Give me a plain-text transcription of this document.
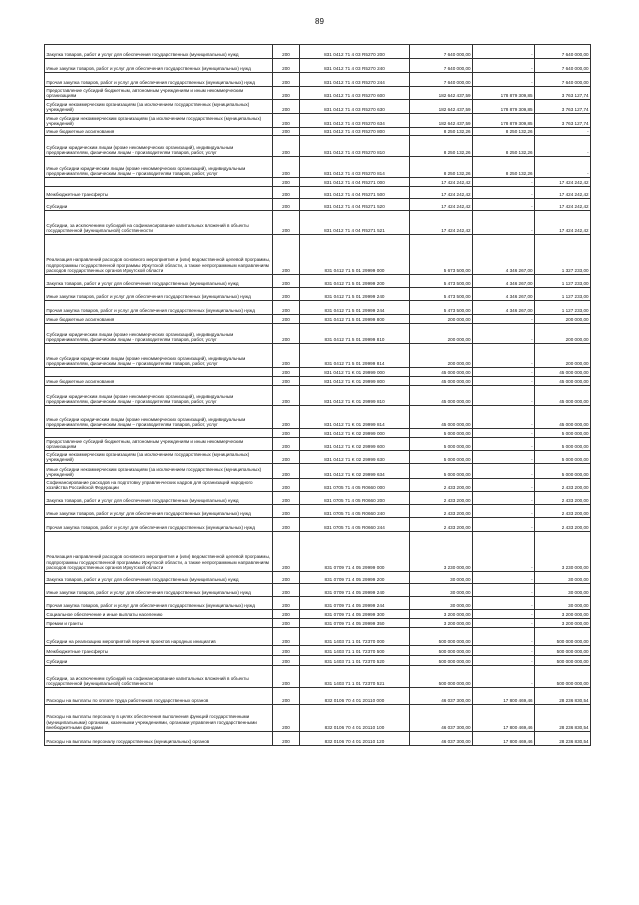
89
Закупка товаров, работ и услуг для обеспечения государственных (муниципальных) нужд	200	831 0412 71 4 03 R5270 200	7 640 000,00	-	7 640 000,00
Иные закупки товаров, работ и услуг для обеспечения государственных (муниципальных) нужд	200	831 0412 71 4 03 R5270 240	7 640 000,00	-	7 640 000,00
Прочая закупка товаров, работ и услуг для обеспечения государственных (муниципальных) нужд	200	831 0412 71 4 03 R5270 244	7 640 000,00	-	7 640 000,00
Предоставление субсидий бюджетным, автономным учреждениям и иным некоммерческим организациям	200	831 0412 71 4 03 R5270 600	182 642 437,59	178 879 309,85	3 763 127,74
Субсидии некоммерческим организациям (за исключением государственных (муниципальных) учреждений)	200	831 0412 71 4 03 R5270 630	182 642 437,59	178 879 309,85	3 763 127,74
Иные субсидии некоммерческим организациям (за исключением государственных (муниципальных) учреждений)	200	831 0412 71 4 03 R5270 634	182 642 437,59	178 879 309,85	3 763 127,74
Иные бюджетные ассигнования	200	831 0412 71 4 03 R5270 800	8 250 132,26	8 250 132,26	-
Субсидии юридическим лицам (кроме некоммерческих организаций), индивидуальным предпринимателям, физическим лицам - производителям товаров, работ, услуг	200	831 0412 71 4 03 R5270 810	8 250 132,26	8 250 132,26	-
Иные субсидии юридическим лицам (кроме некоммерческих организаций), индивидуальным предпринимателям, физическим лицам – производителям товаров, работ, услуг	200	831 0412 71 4 03 R5270 814	8 250 132,26	8 250 132,26	-
	200	831 0412 71 4 04 R5271 000	17 424 242,42	-	17 424 242,42
Межбюджетные трансферты	200	831 0412 71 4 04 R5271 500	17 424 242,42	-	17 424 242,42
Субсидии	200	831 0412 71 4 04 R5271 520	17 424 242,42	-	17 424 242,42
Субсидии, за исключением субсидий на софинансирование капитальных вложений в объекты государственной (муниципальной) собственности	200	831 0412 71 4 04 R5271 521	17 424 242,42	-	17 424 242,42
Реализация направлений расходов основного мероприятия и (или) ведомственной целевой программы, подпрограммы государственной программы Иркутской области, а также непрограммным направлениям расходов государственных органов Иркутской области	200	831 0412 71 5 01 29999 000	5 673 500,00	4 346 267,00	1 327 233,00
Закупка товаров, работ и услуг для обеспечения государственных (муниципальных) нужд	200	831 0412 71 5 01 29999 200	5 473 500,00	4 346 267,00	1 127 233,00
Иные закупки товаров, работ и услуг для обеспечения государственных (муниципальных) нужд	200	831 0412 71 5 01 29999 240	5 473 500,00	4 346 267,00	1 127 233,00
Прочая закупка товаров, работ и услуг для обеспечения государственных (муниципальных) нужд	200	831 0412 71 5 01 29999 244	5 473 500,00	4 346 267,00	1 127 233,00
Иные бюджетные ассигнования	200	831 0412 71 5 01 29999 800	200 000,00	-	200 000,00
Субсидии юридическим лицам (кроме некоммерческих организаций), индивидуальным предпринимателям, физическим лицам - производителям товаров, работ, услуг	200	831 0412 71 5 01 29999 810	200 000,00	-	200 000,00
Иные субсидии юридическим лицам (кроме некоммерческих организаций), индивидуальным предпринимателям, физическим лицам – производителям товаров, работ, услуг	200	831 0412 71 5 01 29999 814	200 000,00	-	200 000,00
	200	831 0412 71 K 01 29999 000	45 000 000,00	-	45 000 000,00
Иные бюджетные ассигнования	200	831 0412 71 K 01 29999 800	45 000 000,00	-	45 000 000,00
Субсидии юридическим лицам (кроме некоммерческих организаций), индивидуальным предпринимателям, физическим лицам - производителям товаров, работ, услуг	200	831 0412 71 K 01 29999 810	45 000 000,00	-	45 000 000,00
Иные субсидии юридическим лицам (кроме некоммерческих организаций), индивидуальным предпринимателям, физическим лицам – производителям товаров, работ, услуг	200	831 0412 71 K 01 29999 814	45 000 000,00	-	45 000 000,00
	200	831 0412 71 K 02 29999 000	5 000 000,00	-	5 000 000,00
Предоставление субсидий бюджетным, автономным учреждениям и иным некоммерческим организациям	200	831 0412 71 K 02 29999 600	5 000 000,00	-	5 000 000,00
Субсидии некоммерческим организациям (за исключением государственных (муниципальных) учреждений)	200	831 0412 71 K 02 29999 630	5 000 000,00	-	5 000 000,00
Иные субсидии некоммерческим организациям (за исключением государственных (муниципальных) учреждений)	200	831 0412 71 K 02 29999 634	5 000 000,00	-	5 000 000,00
Софинансирование расходов на подготовку управленческих кадров для организаций народного хозяйства Российской Федерации	200	831 0705 71 4 05 R0660 000	2 433 200,00	-	2 433 200,00
Закупка товаров, работ и услуг для обеспечения государственных (муниципальных) нужд	200	831 0705 71 4 05 R0660 200	2 433 200,00	-	2 433 200,00
Иные закупки товаров, работ и услуг для обеспечения государственных (муниципальных) нужд	200	831 0705 71 4 05 R0660 240	2 433 200,00	-	2 433 200,00
Прочая закупка товаров, работ и услуг для обеспечения государственных (муниципальных) нужд	200	831 0705 71 4 05 R0660 244	2 433 200,00	-	2 433 200,00
Реализация направлений расходов основного мероприятия и (или) ведомственной целевой программы, подпрограммы государственной программы Иркутской области, а также непрограммным направлениям расходов государственных органов Иркутской области	200	831 0709 71 4 05 29999 000	3 230 000,00	-	3 230 000,00
Закупка товаров, работ и услуг для обеспечения государственных (муниципальных) нужд	200	831 0709 71 4 05 29999 200	30 000,00	-	30 000,00
Иные закупки товаров, работ и услуг для обеспечения государственных (муниципальных) нужд	200	831 0709 71 4 05 29999 240	30 000,00	-	30 000,00
Прочая закупка товаров, работ и услуг для обеспечения государственных (муниципальных) нужд	200	831 0709 71 4 05 29999 244	30 000,00	-	30 000,00
Социальное обеспечение и иные выплаты населению	200	831 0709 71 4 05 29999 300	3 200 000,00	-	3 200 000,00
Премии и гранты	200	831 0709 71 4 05 29999 350	3 200 000,00	-	3 200 000,00
Субсидии на реализацию мероприятий перечня проектов народных инициатив	200	831 1403 71 1 01 72370 000	500 000 000,00	-	500 000 000,00
Межбюджетные трансферты	200	831 1403 71 1 01 72370 500	500 000 000,00	-	500 000 000,00
Субсидии	200	831 1403 71 1 01 72370 520	500 000 000,00	-	500 000 000,00
Субсидии, за исключением субсидий на софинансирование капитальных вложений в объекты государственной (муниципальной) собственности	200	831 1403 71 1 01 72370 521	500 000 000,00	-	500 000 000,00
Расходы на выплаты по оплате труда работников государственных органов	200	832 0106 70 4 01 20110 000	46 037 300,00	17 800 469,46	28 236 830,54
Расходы на выплаты персоналу в целях обеспечения выполнения функций государственными (муниципальными) органами, казенными учреждениями, органами управления государственными внебюджетными фондами	200	832 0106 70 4 01 20110 100	46 037 300,00	17 800 469,46	28 236 830,54
Расходы на выплаты персоналу государственных (муниципальных) органов	200	832 0106 70 4 01 20110 120	46 037 300,00	17 800 469,46	28 236 830,54
